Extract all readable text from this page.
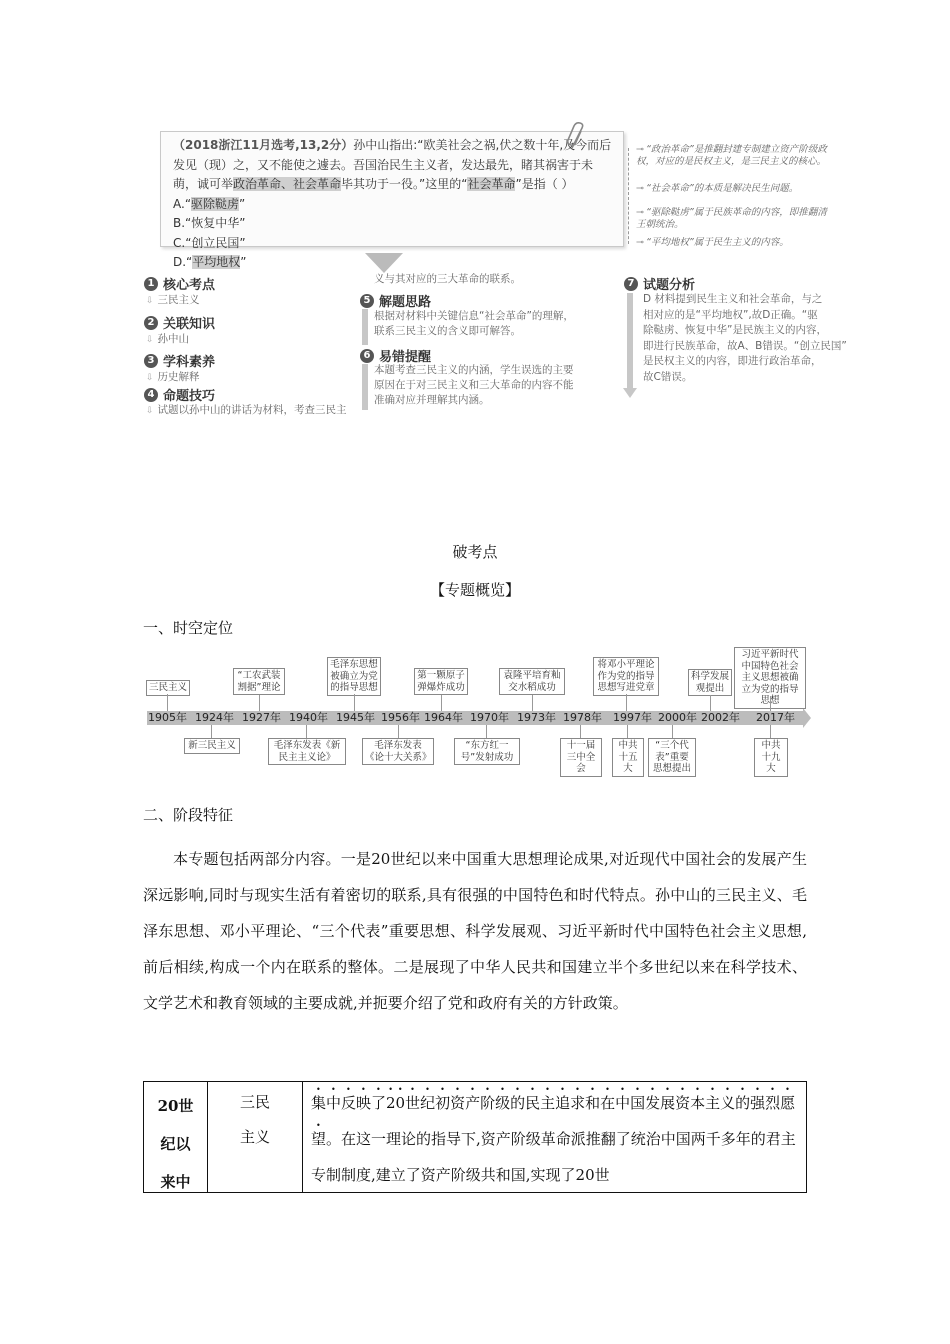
（2018浙江11月选考,13,2分）孙中山指出:“欧美社会之祸,伏之数十年,及今而后发见（现）之，又不能使之遽去。吾国治民生主义者，发达最先，睹其祸害于未萌，诚可举政治革命、社会革命毕其功于一役。”这里的“社会革命”是指（ ）
A.“驱除鞑虏”
B.“恢复中华”
C.“创立民国”
D.“平均地权”
⊸ “政治革命”是推翻封建专制建立资产阶级政权，对应的是民权主义，是三民主义的核心。
⊸ “社会革命”的本质是解决民生问题。
⊸ “驱除鞑虏”属于民族革命的内容，即推翻清王朝统治。
⊸ “平均地权”属于民生主义的内容。
1 核心考点
⇩ 三民主义
2 关联知识
⇩ 孙中山
3 学科素养
⇩ 历史解释
4 命题技巧
⇩ 试题以孙中山的讲话为材料，考查三民主
义与其对应的三大革命的联系。
5 解题思路
根据对材料中关键信息“社会革命”的理解，
联系三民主义的含义即可解答。
6 易错提醒
本题考查三民主义的内涵，学生误选的主要
原因在于对三民主义和三大革命的内容不能
准确对应并理解其内涵。
7 试题分析
D 材料提到民生主义和社会革命，与之
相对应的是“平均地权”,故D正确。“驱
除鞑虏、恢复中华”是民族主义的内容，
即进行民族革命，故A、B错误。“创立民国”
是民权主义的内容，即进行政治革命，
故C错误。
破考点
【专题概览】
一、时空定位
1905年 1924年 1927年 1940年 1945年 1956年 1964年 1970年 1973年 1978年 1997年 2000年 2002年 2017年
三民主义
“工农武装割据”理论
毛泽东思想被确立为党的指导思想
第一颗原子弹爆炸成功
袁隆平培育籼交水稻成功
将邓小平理论作为党的指导思想写进党章
科学发展观提出
习近平新时代中国特色社会主义思想被确立为党的指导思想
新三民主义	毛泽东发表《新民主主义论》
毛泽东发表《论十大关系》
“东方红一号”发射成功
十一届三中全会
中共十五大
“三个代表”重要思想提出
中共十九大
二、阶段特征
本专题包括两部分内容。一是20世纪以来中国重大思想理论成果,对近现代中国社会的发展产生深远影响,同时与现实生活有着密切的联系,具有很强的中国特色和时代特点。孙中山的三民主义、毛泽东思想、邓小平理论、“三个代表”重要思想、科学发展观、习近平新时代中国特色社会主义思想,前后相续,构成一个内在联系的整体。二是展现了中华人民共和国建立半个多世纪以来在科学技术、文学艺术和教育领域的主要成就,并扼要介绍了党和政府有关的方针政策。
20世
纪以
来中
三民
主义
集中反映了20世纪初资产阶级的民主追求和在中国发展资本主义的强烈愿望。在这一理论的指导下,资产阶级革命派推翻了统治中国两千多年的君主专制制度,建立了资产阶级共和国,实现了20世
